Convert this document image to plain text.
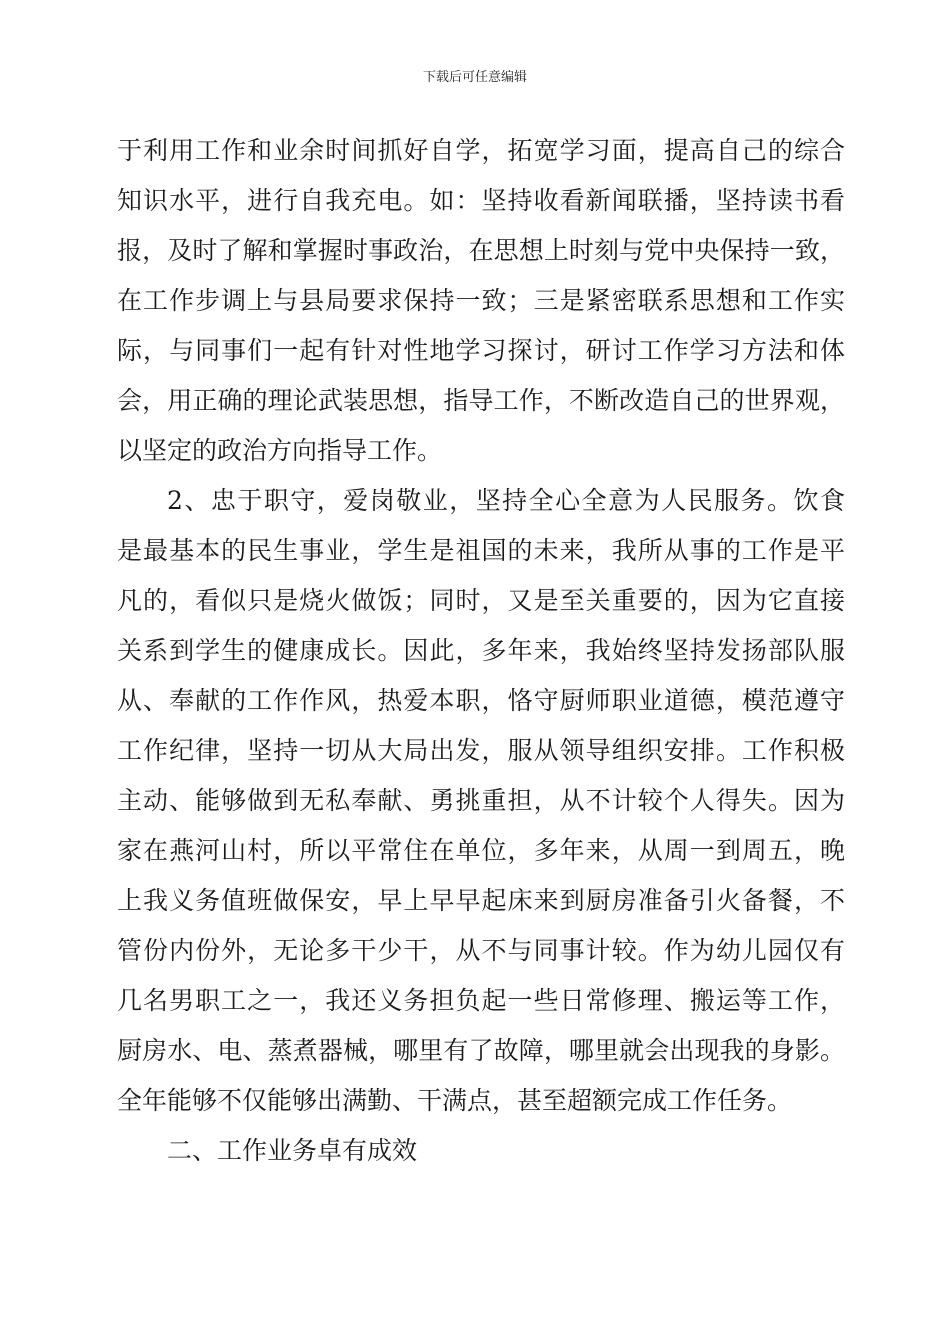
下载后可任意编辑
于利用工作和业余时间抓好自学，拓宽学习面，提高自己的综合
知识水平，进行自我充电。如：坚持收看新闻联播，坚持读书看
报，及时了解和掌握时事政治，在思想上时刻与党中央保持一致，
在工作步调上与县局要求保持一致；三是紧密联系思想和工作实
际，与同事们一起有针对性地学习探讨，研讨工作学习方法和体
会，用正确的理论武装思想，指导工作，不断改造自己的世界观，
以坚定的政治方向指导工作。
2、忠于职守，爱岗敬业，坚持全心全意为人民服务。饮食
是最基本的民生事业，学生是祖国的未来，我所从事的工作是平
凡的，看似只是烧火做饭；同时，又是至关重要的，因为它直接
关系到学生的健康成长。因此，多年来，我始终坚持发扬部队服
从、奉献的工作作风，热爱本职，恪守厨师职业道德，模范遵守
工作纪律，坚持一切从大局出发，服从领导组织安排。工作积极
主动、能够做到无私奉献、勇挑重担，从不计较个人得失。因为
家在燕河山村，所以平常住在单位，多年来，从周一到周五，晚
上我义务值班做保安，早上早早起床来到厨房准备引火备餐，不
管份内份外，无论多干少干，从不与同事计较。作为幼儿园仅有
几名男职工之一，我还义务担负起一些日常修理、搬运等工作，
厨房水、电、蒸煮器械，哪里有了故障，哪里就会出现我的身影。
全年能够不仅能够出满勤、干满点，甚至超额完成工作任务。
二、工作业务卓有成效
